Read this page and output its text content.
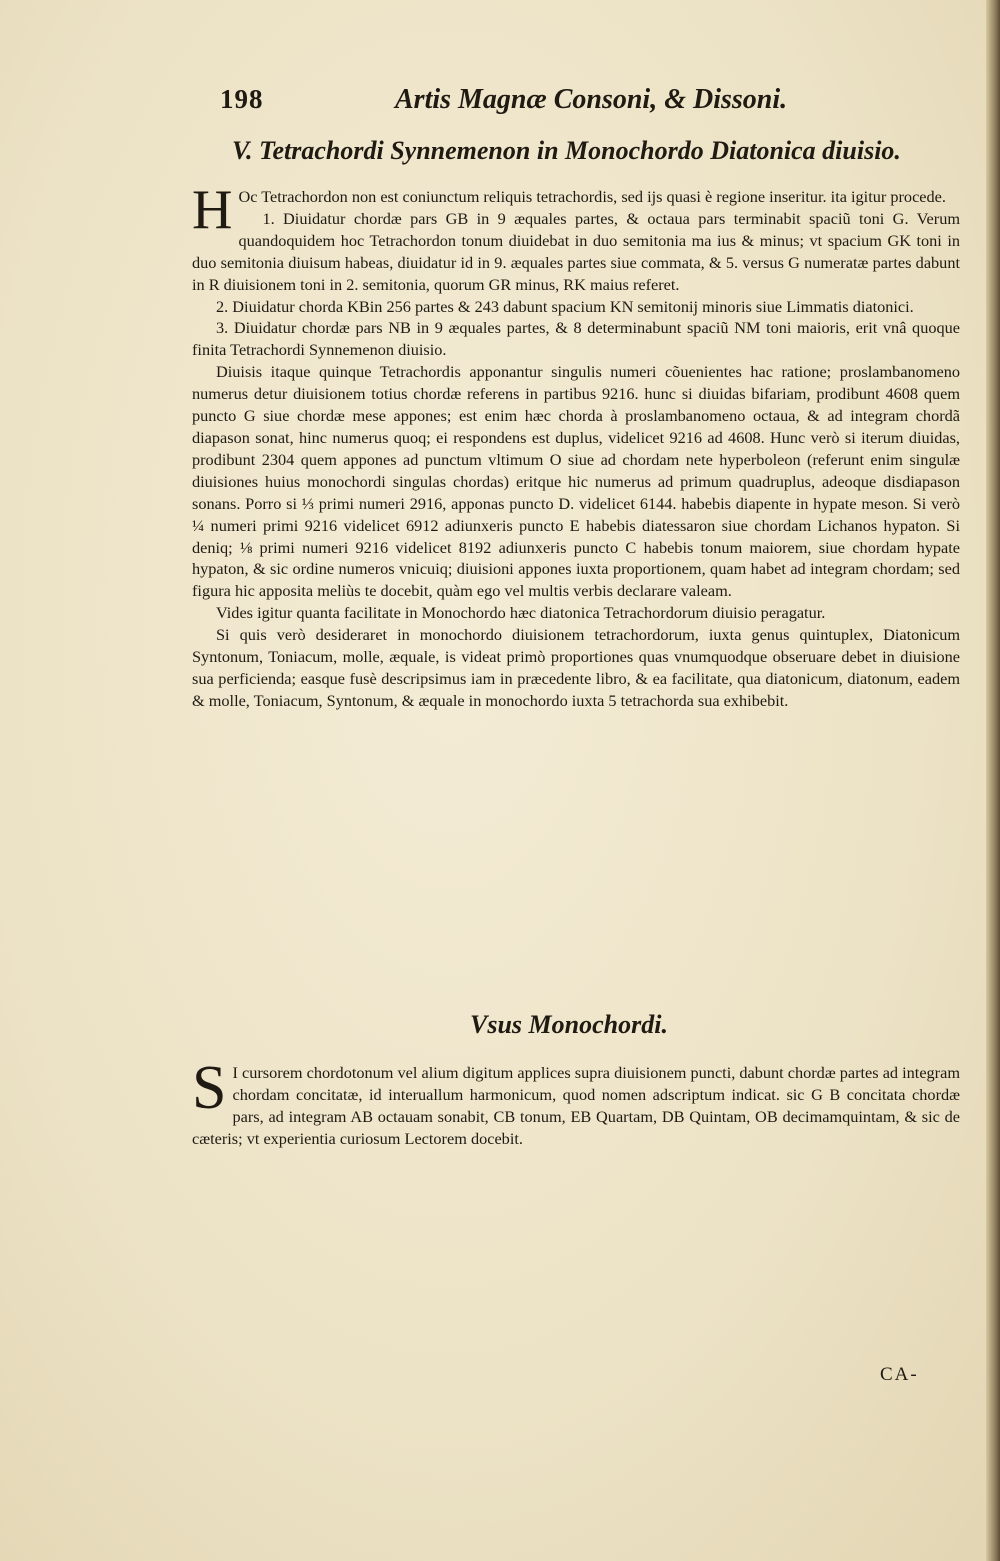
198	Artis Magnæ Consoni, & Dissoni.
V. Tetrachordi Synnemenon in Monochordo Diatonica diuisio.

H Oc Tetrachordon non est coniunctum reliquis tetrachordis, sed ijs quasi è regione inseritur. ita igitur procede.

1. Diuidatur chordæ pars GB in 9 æquales partes, & octaua pars terminabit spaciũ toni G. Verum quandoquidem hoc Tetrachordon tonum diuidebat in duo semitonia ma ius & minus; vt spacium GK toni in duo semitonia diuisum habeas, diuidatur id in 9. æquales partes siue commata, & 5. versus G numeratæ partes dabunt in R diuisionem toni in 2. semitonia, quorum GR minus, RK maius referet.

2. Diuidatur chorda KBin 256 partes & 243 dabunt spacium KN semitonij minoris siue Limmatis diatonici.

3. Diuidatur chordæ pars NB in 9 æquales partes, & 8 determinabunt spaciũ NM toni maioris, erit vnâ quoque finita Tetrachordi Synnemenon diuisio.

Diuisis itaque quinque Tetrachordis apponantur singulis numeri cõuenientes hac ratione; proslambanomeno numerus detur diuisionem totius chordæ referens in partibus 9216. hunc si diuidas bifariam, prodibunt 4608 quem puncto G siue chordæ mese appones; est enim hæc chorda à proslambanomeno octaua, & ad integram chordã diapason sonat, hinc numerus quoq; ei respondens est duplus, videlicet 9216 ad 4608. Hunc verò si iterum diuidas, prodibunt 2304 quem appones ad punctum vltimum O siue ad chordam nete hyperboleon (referunt enim singulæ diuisiones huius monochordi singulas chordas) eritque hic numerus ad primum quadruplus, adeoque disdiapason sonans. Porro si ⅓ primi numeri 2916, apponas puncto D. videlicet 6144. habebis diapente in hypate meson. Si verò ¼ numeri primi 9216 videlicet 6912 adiunxeris puncto E habebis diatessaron siue chordam Lichanos hypaton. Si deniq; ⅛ primi numeri 9216 videlicet 8192 adiunxeris puncto C habebis tonum maiorem, siue chordam hypate hypaton, & sic ordine numeros vnicuiq; diuisioni appones iuxta proportionem, quam habet ad integram chordam; sed figura hic apposita meliùs te docebit, quàm ego vel multis verbis declarare valeam.

Vides igitur quanta facilitate in Monochordo hæc diatonica Tetrachordorum diuisio peragatur.

Si quis verò desideraret in monochordo diuisionem tetrachordorum, iuxta genus quintuplex, Diatonicum Syntonum, Toniacum, molle, æquale, is videat primò proportiones quas vnumquodque obseruare debet in diuisione sua perficienda; easque fusè descripsimus iam in præcedente libro, & ea facilitate, qua diatonicum, diatonum, eadem & molle, Toniacum, Syntonum, & æquale in monochordo iuxta 5 tetrachorda sua exhibebit.

Vsus Monochordi.

S I cursorem chordotonum vel alium digitum applices supra diuisionem puncti, dabunt chordæ partes ad integram chordam concitatæ, id interuallum harmonicum, quod nomen adscriptum indicat. sic G B concitata chordæ pars, ad integram AB octauam sonabit, CB tonum, EB Quartam, DB Quintam, OB decimamquintam, & sic de cæteris; vt experientia curiosum Lectorem docebit.

CA-
